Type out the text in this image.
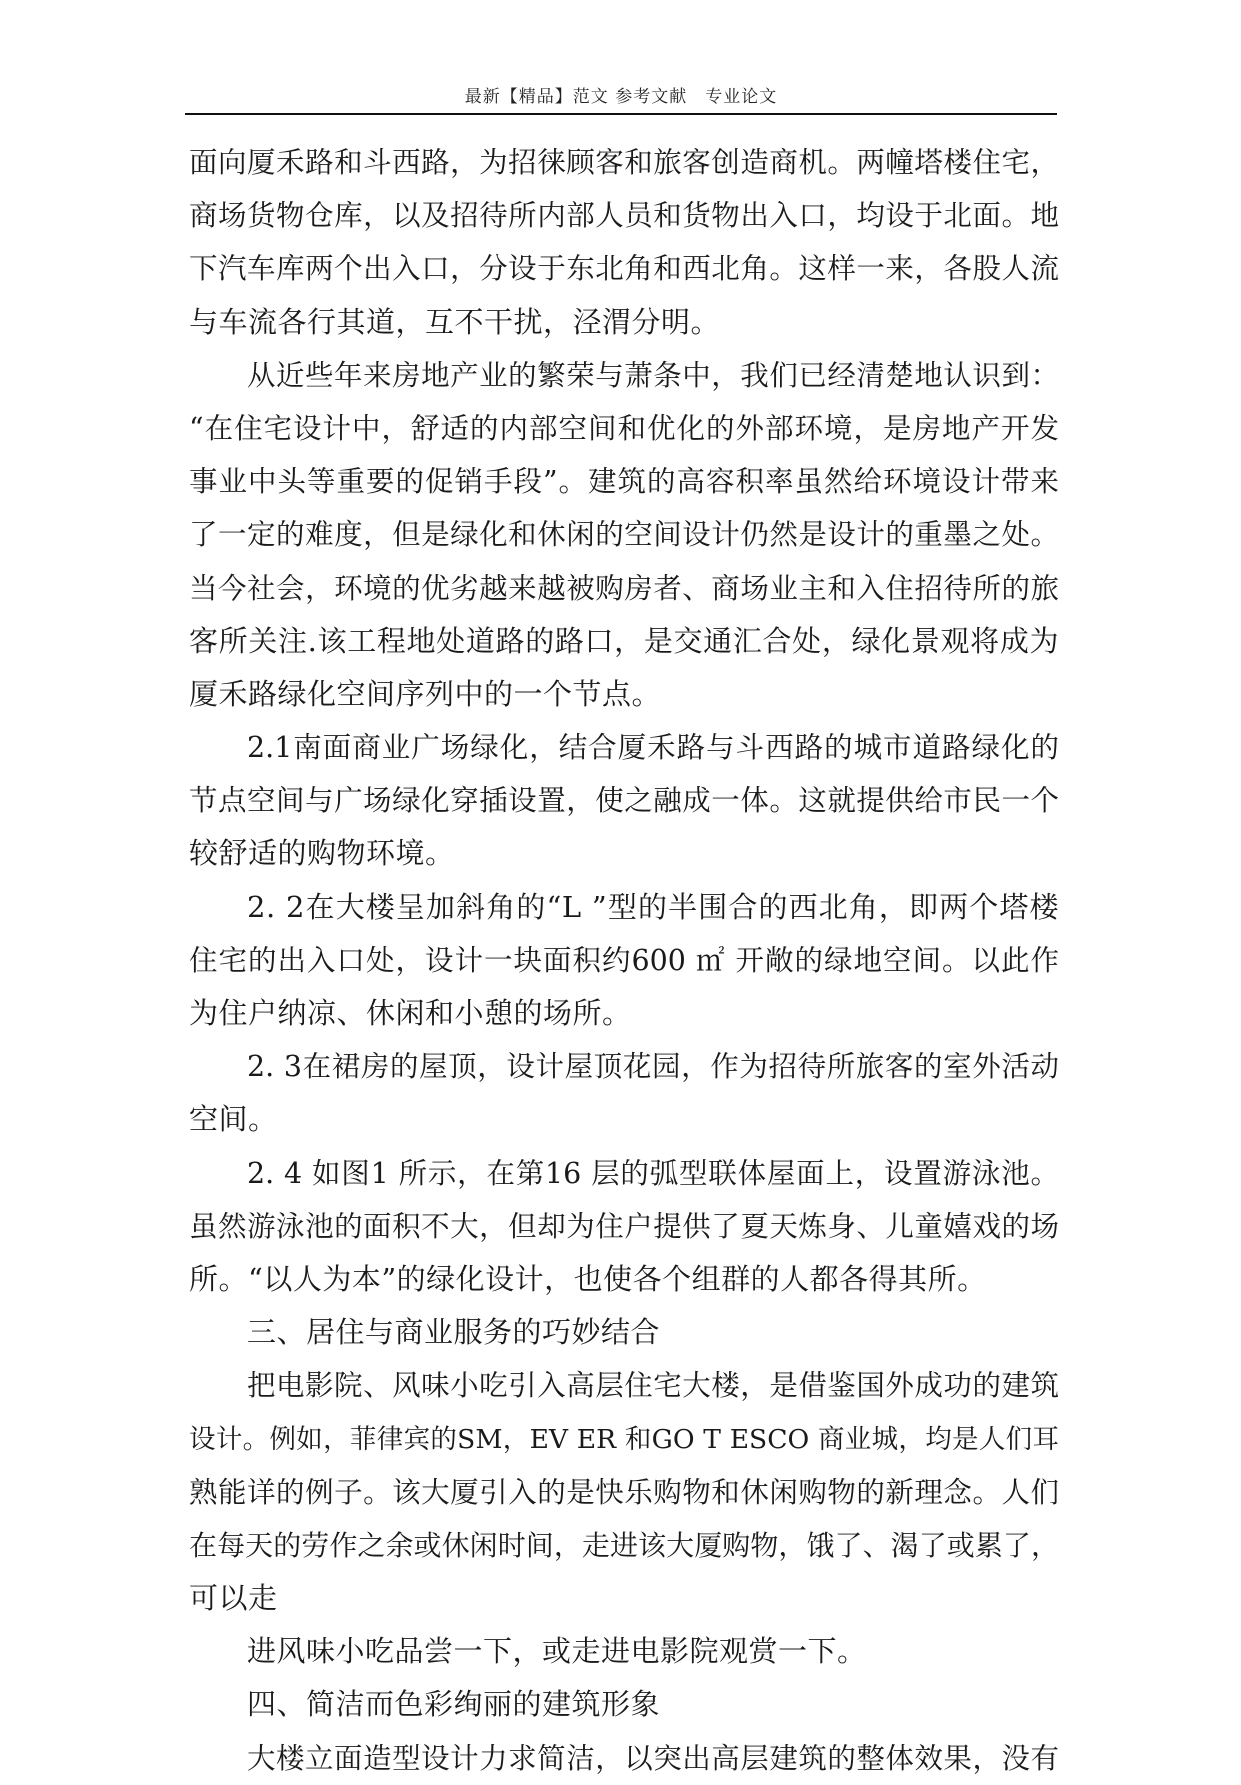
最新【精品】范文 参考文献　专业论文
面向厦禾路和斗西路，为招徕顾客和旅客创造商机。两幢塔楼住宅，
商场货物仓库，以及招待所内部人员和货物出入口，均设于北面。地
下汽车库两个出入口，分设于东北角和西北角。这样一来，各股人流
与车流各行其道，互不干扰，泾渭分明。
从近些年来房地产业的繁荣与萧条中，我们已经清楚地认识到：
“在住宅设计中，舒适的内部空间和优化的外部环境，是房地产开发
事业中头等重要的促销手段”。建筑的高容积率虽然给环境设计带来
了一定的难度，但是绿化和休闲的空间设计仍然是设计的重墨之处。
当今社会，环境的优劣越来越被购房者、商场业主和入住招待所的旅
客所关注.该工程地处道路的路口，是交通汇合处，绿化景观将成为
厦禾路绿化空间序列中的一个节点。
2.1南面商业广场绿化，结合厦禾路与斗西路的城市道路绿化的
节点空间与广场绿化穿插设置，使之融成一体。这就提供给市民一个
较舒适的购物环境。
2. 2在大楼呈加斜角的“L ”型的半围合的西北角，即两个塔楼
住宅的出入口处，设计一块面积约600 ㎡ 开敞的绿地空间。以此作
为住户纳凉、休闲和小憩的场所。
2. 3在裙房的屋顶，设计屋顶花园，作为招待所旅客的室外活动
空间。
2. 4 如图1 所示，在第16 层的弧型联体屋面上，设置游泳池。
虽然游泳池的面积不大，但却为住户提供了夏天炼身、儿童嬉戏的场
所。“以人为本”的绿化设计，也使各个组群的人都各得其所。
三、居住与商业服务的巧妙结合
把电影院、风味小吃引入高层住宅大楼，是借鉴国外成功的建筑
设计。例如，菲律宾的SM，EV ER 和GO T ESCO 商业城，均是人们耳
熟能详的例子。该大厦引入的是快乐购物和休闲购物的新理念。人们
在每天的劳作之余或休闲时间，走进该大厦购物，饿了、渴了或累了，
可以走
进风味小吃品尝一下，或走进电影院观赏一下。
四、简洁而色彩绚丽的建筑形象
大楼立面造型设计力求简洁，以突出高层建筑的整体效果，没有
